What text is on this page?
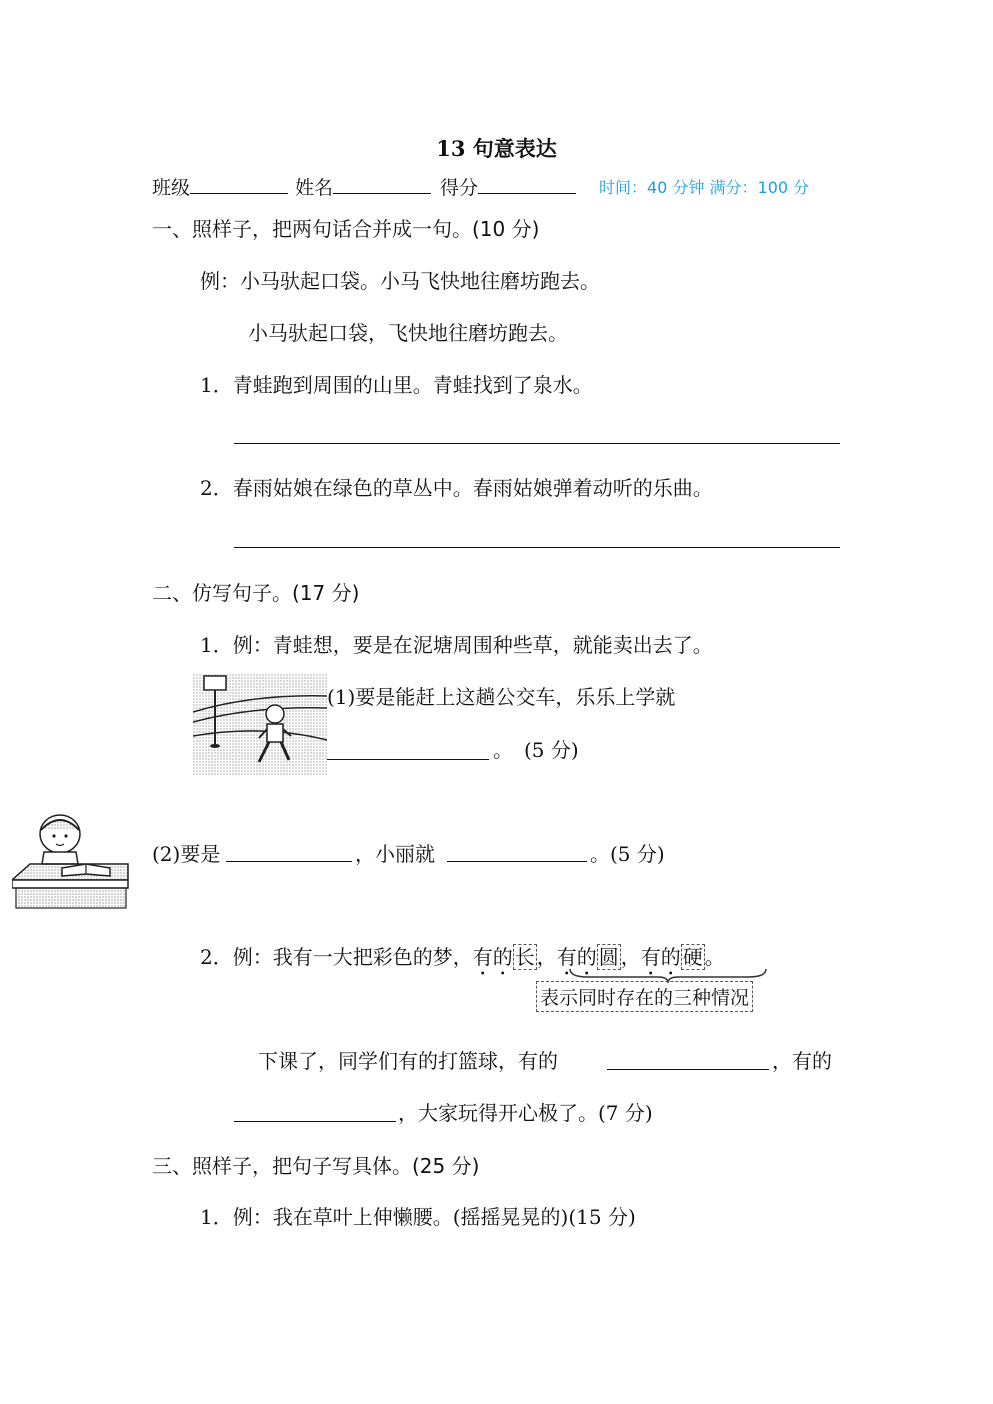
13 句意表达
班级	姓名	得分	时间：40 分钟 满分：100 分
一、照样子，把两句话合并成一句。(10 分)
例：小马驮起口袋。小马飞快地往磨坊跑去。
小马驮起口袋，飞快地往磨坊跑去。
1．青蛙跑到周围的山里。青蛙找到了泉水。
2．春雨姑娘在绿色的草丛中。春雨姑娘弹着动听的乐曲。
二、仿写句子。(17 分)
1．例：青蛙想，要是在泥塘周围种些草，就能卖出去了。
(1)要是能赶上这趟公交车，乐乐上学就
。 (5 分)
(2)要是	，小丽就	。(5 分)
2．例：我有一大把彩色的梦，有的 长 ，有的 圆 ，有的 硬 。
表示同时存在的三种情况
下课了，同学们有的打篮球，有的	，有的
，大家玩得开心极了。(7 分)
三、照样子，把句子写具体。(25 分)
1．例：我在草叶上伸懒腰。(摇摇晃晃的)(15 分)
